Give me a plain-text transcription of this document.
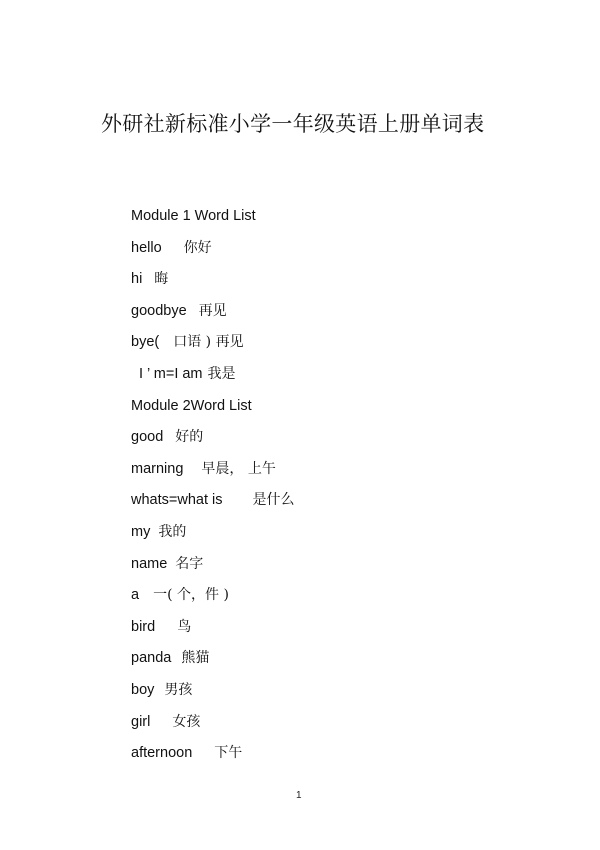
外研社新标准小学一年级英语上册单词表
Module 1 Word List
hello 你好
hi 晦
goodbye 再见
bye( 口语 ) 再见
I ’ m=I am 我是
Module 2Word List
good 好的
marning 早晨， 上午
whats=what is 是什么
my 我的
name 名字
a 一( 个，件 )
bird 鸟
panda 熊猫
boy 男孩
girl 女孩
afternoon 下午
1
